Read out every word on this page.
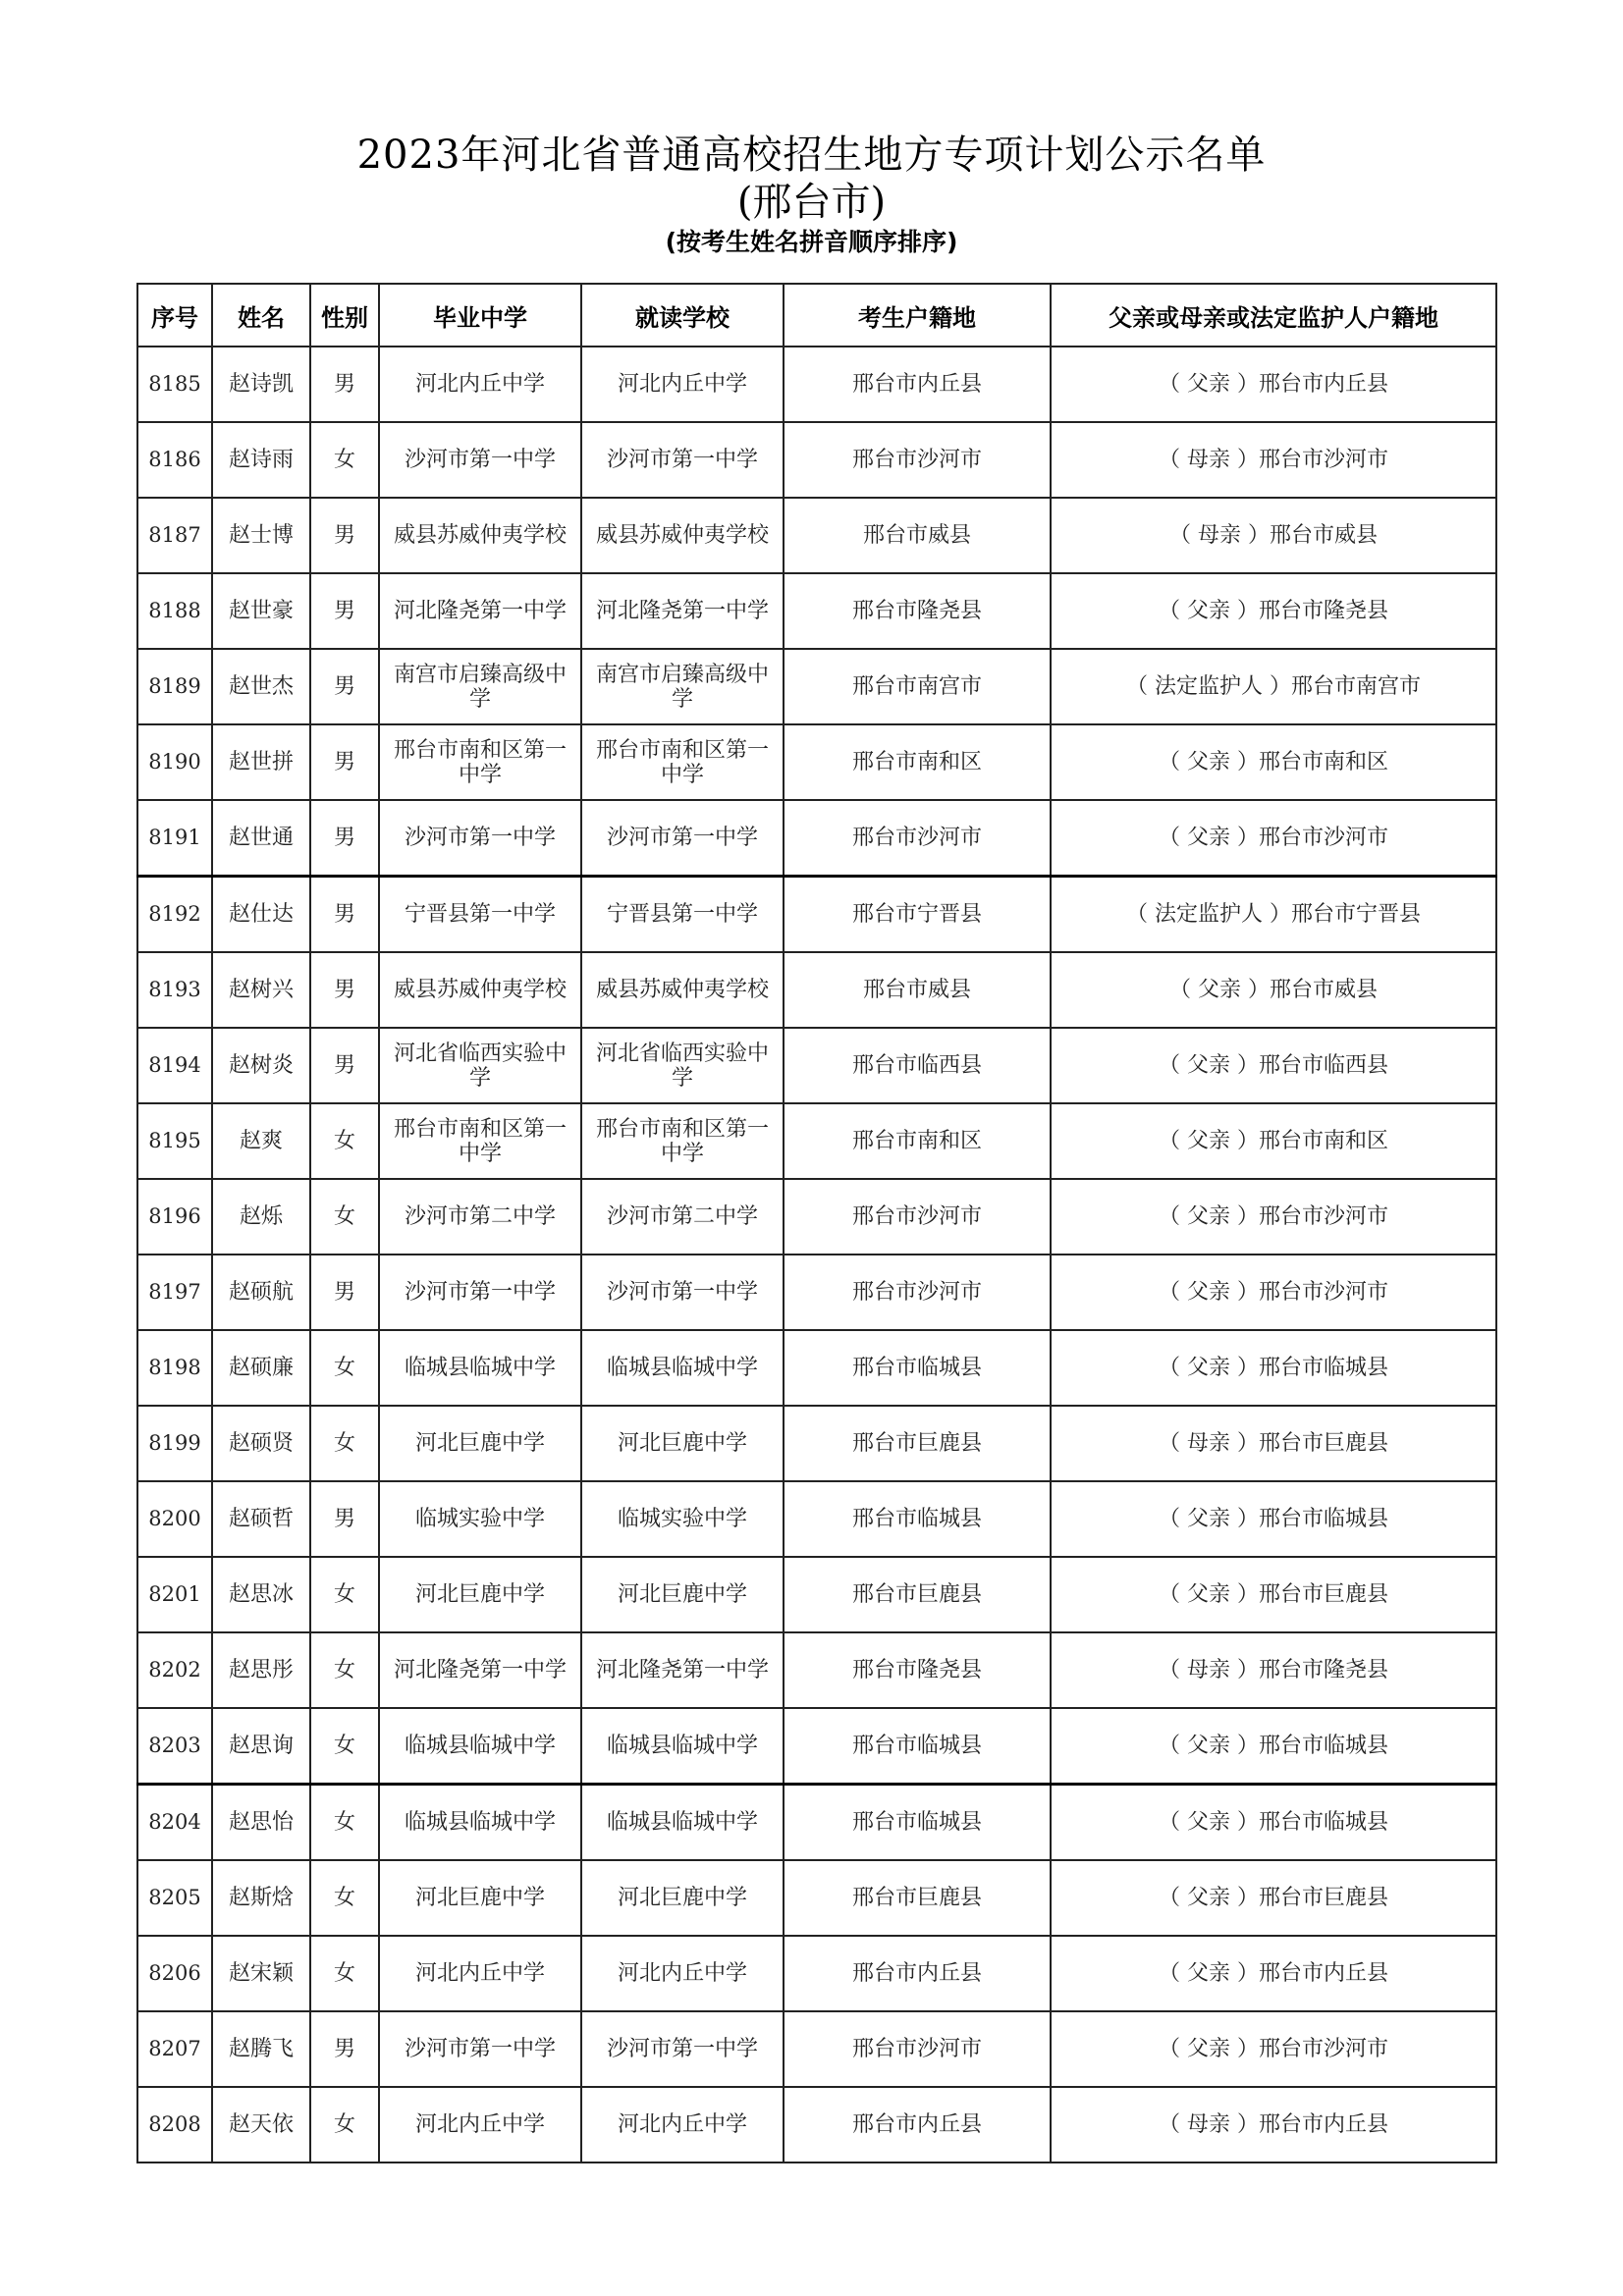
2023年河北省普通高校招生地方专项计划公示名单
(邢台市)
(按考生姓名拼音顺序排序)
序号	姓名	性别	毕业中学	就读学校	考生户籍地	父亲或母亲或法定监护人户籍地
8185	赵诗凯	男	河北内丘中学	河北内丘中学	邢台市内丘县	（ 父亲 ）邢台市内丘县
8186	赵诗雨	女	沙河市第一中学	沙河市第一中学	邢台市沙河市	（ 母亲 ）邢台市沙河市
8187	赵士博	男	威县苏威仲夷学校	威县苏威仲夷学校	邢台市威县	（ 母亲 ）邢台市威县
8188	赵世豪	男	河北隆尧第一中学	河北隆尧第一中学	邢台市隆尧县	（ 父亲 ）邢台市隆尧县
8189	赵世杰	男	南宫市启臻高级中学	南宫市启臻高级中学	邢台市南宫市	（ 法定监护人 ）邢台市南宫市
8190	赵世拼	男	邢台市南和区第一中学	邢台市南和区第一中学	邢台市南和区	（ 父亲 ）邢台市南和区
8191	赵世通	男	沙河市第一中学	沙河市第一中学	邢台市沙河市	（ 父亲 ）邢台市沙河市
8192	赵仕达	男	宁晋县第一中学	宁晋县第一中学	邢台市宁晋县	（ 法定监护人 ）邢台市宁晋县
8193	赵树兴	男	威县苏威仲夷学校	威县苏威仲夷学校	邢台市威县	（ 父亲 ）邢台市威县
8194	赵树炎	男	河北省临西实验中学	河北省临西实验中学	邢台市临西县	（ 父亲 ）邢台市临西县
8195	赵爽	女	邢台市南和区第一中学	邢台市南和区第一中学	邢台市南和区	（ 父亲 ）邢台市南和区
8196	赵烁	女	沙河市第二中学	沙河市第二中学	邢台市沙河市	（ 父亲 ）邢台市沙河市
8197	赵硕航	男	沙河市第一中学	沙河市第一中学	邢台市沙河市	（ 父亲 ）邢台市沙河市
8198	赵硕廉	女	临城县临城中学	临城县临城中学	邢台市临城县	（ 父亲 ）邢台市临城县
8199	赵硕贤	女	河北巨鹿中学	河北巨鹿中学	邢台市巨鹿县	（ 母亲 ）邢台市巨鹿县
8200	赵硕哲	男	临城实验中学	临城实验中学	邢台市临城县	（ 父亲 ）邢台市临城县
8201	赵思冰	女	河北巨鹿中学	河北巨鹿中学	邢台市巨鹿县	（ 父亲 ）邢台市巨鹿县
8202	赵思彤	女	河北隆尧第一中学	河北隆尧第一中学	邢台市隆尧县	（ 母亲 ）邢台市隆尧县
8203	赵思询	女	临城县临城中学	临城县临城中学	邢台市临城县	（ 父亲 ）邢台市临城县
8204	赵思怡	女	临城县临城中学	临城县临城中学	邢台市临城县	（ 父亲 ）邢台市临城县
8205	赵斯焓	女	河北巨鹿中学	河北巨鹿中学	邢台市巨鹿县	（ 父亲 ）邢台市巨鹿县
8206	赵宋颖	女	河北内丘中学	河北内丘中学	邢台市内丘县	（ 父亲 ）邢台市内丘县
8207	赵腾飞	男	沙河市第一中学	沙河市第一中学	邢台市沙河市	（ 父亲 ）邢台市沙河市
8208	赵天依	女	河北内丘中学	河北内丘中学	邢台市内丘县	（ 母亲 ）邢台市内丘县
